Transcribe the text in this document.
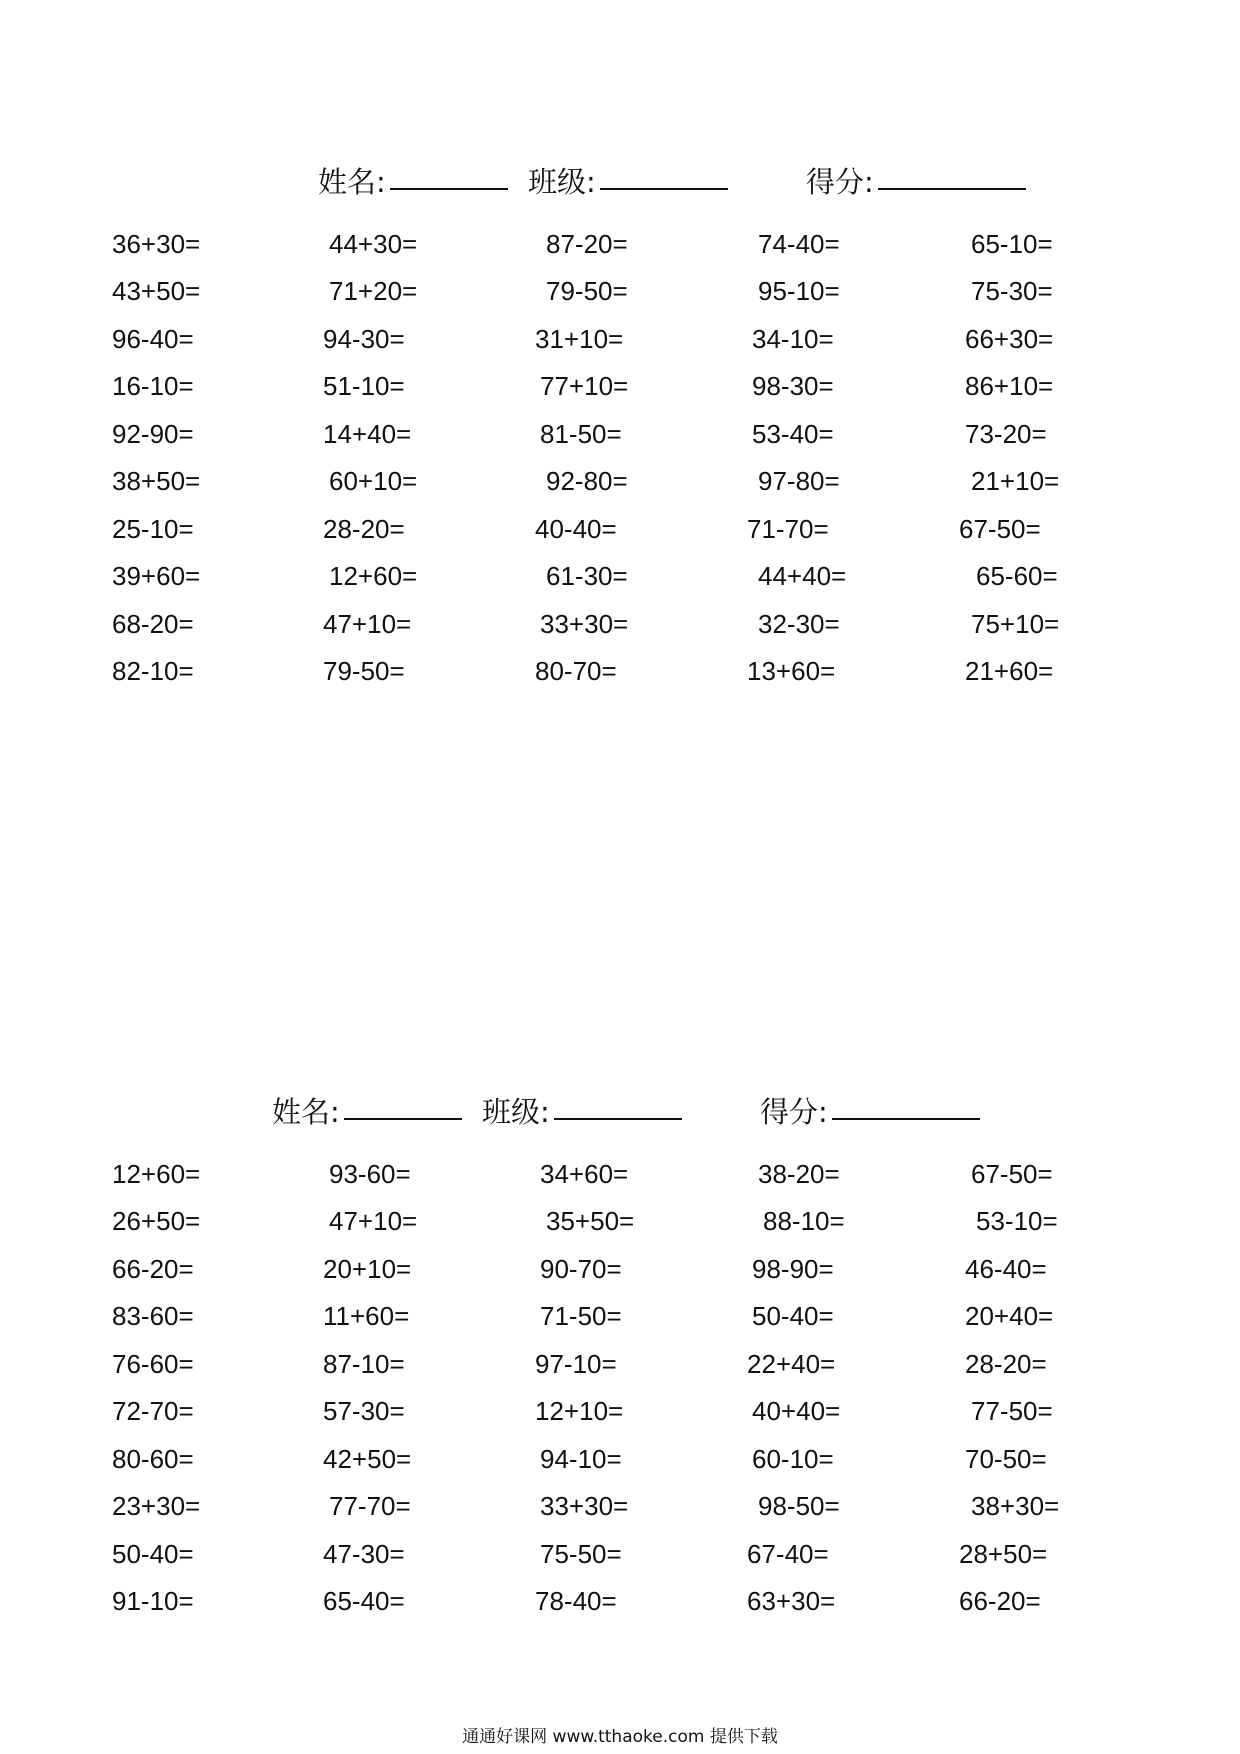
姓名:	班级:	得分:
36+30=	44+30=	87-20=	74-40=	65-10=
43+50=	71+20=	79-50=	95-10=	75-30=
96-40=	94-30=	31+10=	34-10=	66+30=
16-10=	51-10=	77+10=	98-30=	86+10=
92-90=	14+40=	81-50=	53-40=	73-20=
38+50=	60+10=	92-80=	97-80=	21+10=
25-10=	28-20=	40-40=	71-70=	67-50=
39+60=	12+60=	61-30=	44+40=	65-60=
68-20=	47+10=	33+30=	32-30=	75+10=
82-10=	79-50=	80-70=	13+60=	21+60=
姓名:	班级:	得分:
12+60=	93-60=	34+60=	38-20=	67-50=
26+50=	47+10=	35+50=	88-10=	53-10=
66-20=	20+10=	90-70=	98-90=	46-40=
83-60=	11+60=	71-50=	50-40=	20+40=
76-60=	87-10=	97-10=	22+40=	28-20=
72-70=	57-30=	12+10=	40+40=	77-50=
80-60=	42+50=	94-10=	60-10=	70-50=
23+30=	77-70=	33+30=	98-50=	38+30=
50-40=	47-30=	75-50=	67-40=	28+50=
91-10=	65-40=	78-40=	63+30=	66-20=
通通好课网 www.tthaoke.com 提供下载
